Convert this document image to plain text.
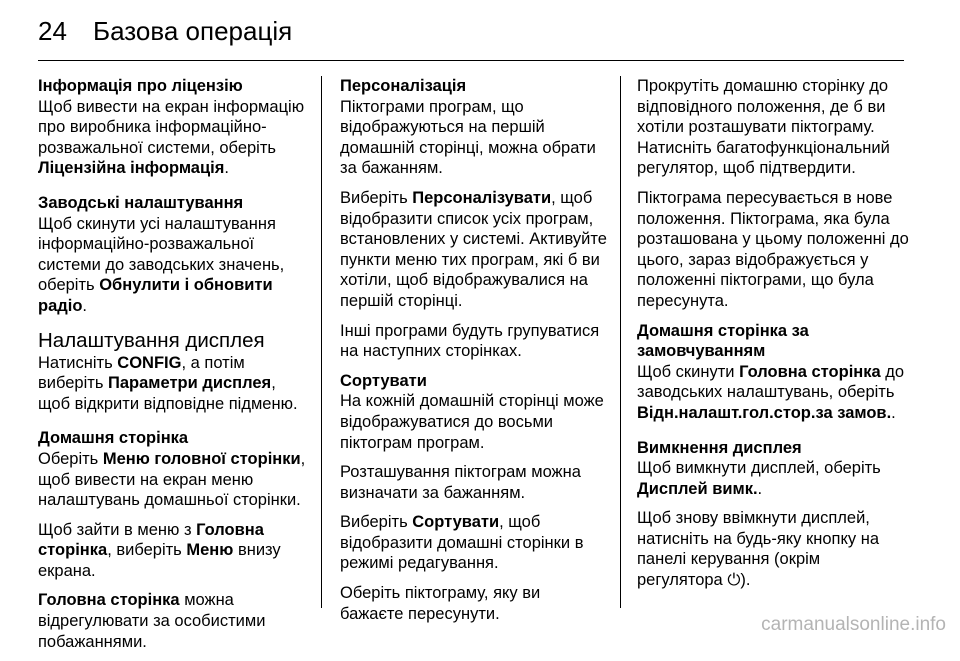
24 Базова операція
Інформація про ліцензію

Щоб вивести на екран інформацію про виробника інформаційно-розважальної системи, оберіть Ліцензійна інформація.

Заводські налаштування

Щоб скинути усі налаштування інформаційно-розважальної системи до заводських значень, оберіть Обнулити і обновити радіо.

Налаштування дисплея

Натисніть CONFIG, а потім виберіть Параметри дисплея, щоб відкрити відповідне підменю.

Домашня сторінка

Оберіть Меню головної сторінки, щоб вивести на екран меню налаштувань домашньої сторінки.

Щоб зайти в меню з Головна сторінка, виберіть Меню внизу екрана.

Головна сторінка можна відрегулювати за особистими побажаннями.

Персоналізація

Піктограми програм, що відображуються на першій домашній сторінці, можна обрати за бажанням.

Виберіть Персоналізувати, щоб відобразити список усіх програм, встановлених у системі. Активуйте пункти меню тих програм, які б ви хотіли, щоб відображувалися на першій сторінці.

Інші програми будуть групуватися на наступних сторінках.

Сортувати

На кожній домашній сторінці може відображуватися до восьми піктограм програм.

Розташування піктограм можна визначати за бажанням.

Виберіть Сортувати, щоб відобразити домашні сторінки в режимі редагування.

Оберіть піктограму, яку ви бажаєте пересунути.

Прокрутіть домашню сторінку до відповідного положення, де б ви хотіли розташувати піктограму. Натисніть багатофункціональний регулятор, щоб підтвердити.

Піктограма пересувається в нове положення. Піктограма, яка була розташована у цьому положенні до цього, зараз відображується у положенні піктограми, що була пересунута.

Домашня сторінка за замовчуванням

Щоб скинути Головна сторінка до заводських налаштувань, оберіть Відн.налашт.гол.стор.за замов..

Вимкнення дисплея

Щоб вимкнути дисплей, оберіть Дисплей вимк..

Щоб знову ввімкнути дисплей, натисніть на будь-яку кнопку на панелі керування (окрім регулятора ⏻).

carmanualsonline.info
